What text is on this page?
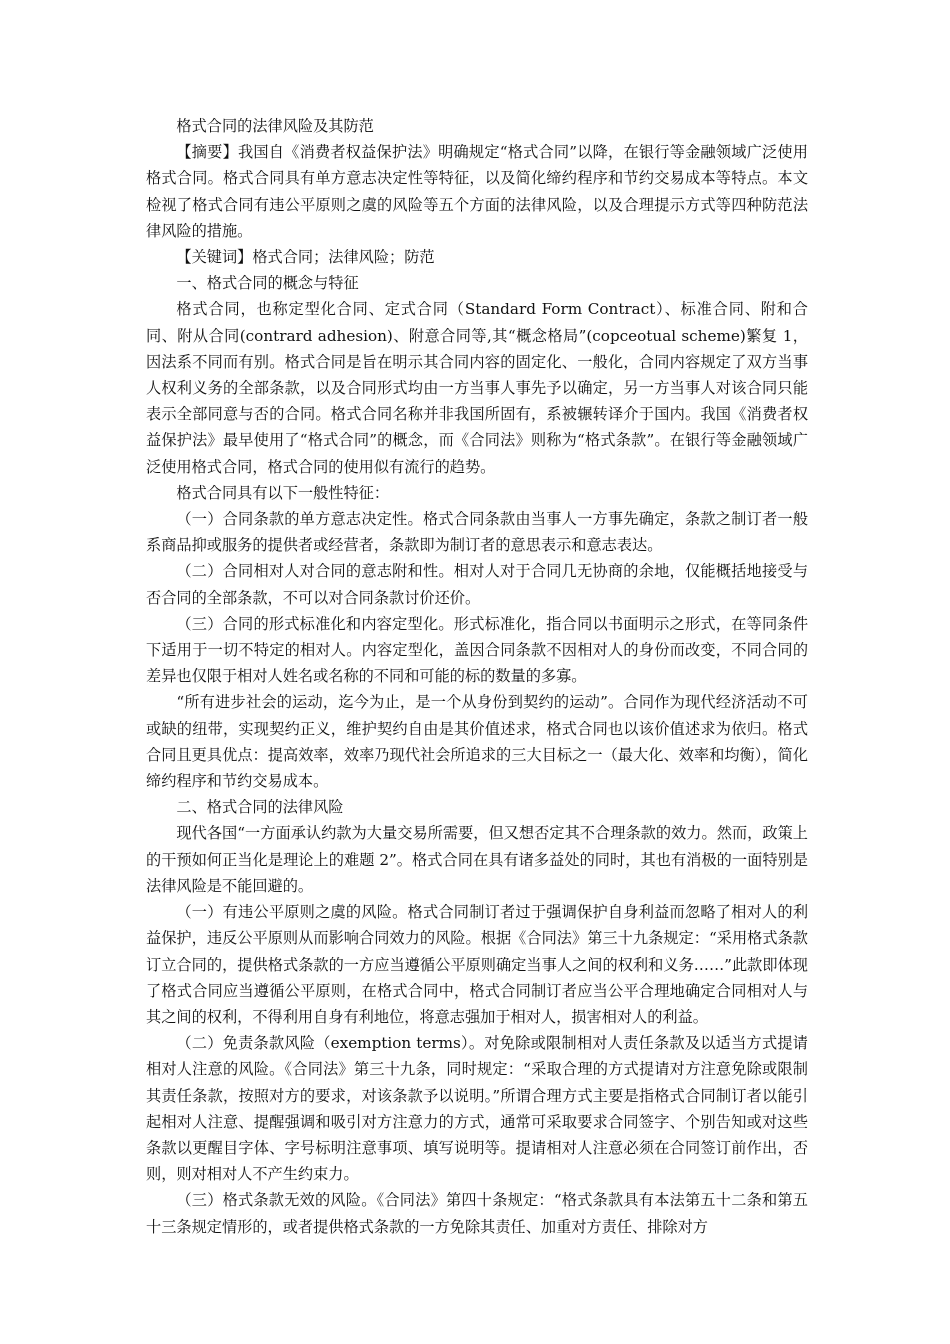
格式合同的法律风险及其防范

【摘要】我国自《消费者权益保护法》明确规定“格式合同”以降，在银行等金融领域广泛使用格式合同。格式合同具有单方意志决定性等特征，以及简化缔约程序和节约交易成本等特点。本文检视了格式合同有违公平原则之虞的风险等五个方面的法律风险，以及合理提示方式等四种防范法律风险的措施。

【关键词】格式合同；法律风险；防范

一、格式合同的概念与特征

格式合同，也称定型化合同、定式合同（Standard Form Contract）、标准合同、附和合同、附从合同(contrard adhesion)、附意合同等,其“概念格局”(copceotual scheme)繁复 1，因法系不同而有别。格式合同是旨在明示其合同内容的固定化、一般化，合同内容规定了双方当事人权利义务的全部条款，以及合同形式均由一方当事人事先予以确定，另一方当事人对该合同只能表示全部同意与否的合同。格式合同名称并非我国所固有，系被辗转译介于国内。我国《消费者权益保护法》最早使用了“格式合同”的概念，而《合同法》则称为“格式条款”。在银行等金融领域广泛使用格式合同，格式合同的使用似有流行的趋势。

格式合同具有以下一般性特征：

（一）合同条款的单方意志决定性。格式合同条款由当事人一方事先确定，条款之制订者一般系商品抑或服务的提供者或经营者，条款即为制订者的意思表示和意志表达。

（二）合同相对人对合同的意志附和性。相对人对于合同几无协商的余地，仅能概括地接受与否合同的全部条款，不可以对合同条款讨价还价。

（三）合同的形式标准化和内容定型化。形式标准化，指合同以书面明示之形式，在等同条件下适用于一切不特定的相对人。内容定型化，盖因合同条款不因相对人的身份而改变，不同合同的差异也仅限于相对人姓名或名称的不同和可能的标的数量的多寡。

“所有进步社会的运动，迄今为止，是一个从身份到契约的运动”。合同作为现代经济活动不可或缺的纽带，实现契约正义，维护契约自由是其价值述求，格式合同也以该价值述求为依归。格式合同且更具优点：提高效率，效率乃现代社会所追求的三大目标之一（最大化、效率和均衡），简化缔约程序和节约交易成本。

二、格式合同的法律风险

现代各国“一方面承认约款为大量交易所需要，但又想否定其不合理条款的效力。然而，政策上的干预如何正当化是理论上的难题 2”。格式合同在具有诸多益处的同时，其也有消极的一面特别是法律风险是不能回避的。

（一）有违公平原则之虞的风险。格式合同制订者过于强调保护自身利益而忽略了相对人的利益保护，违反公平原则从而影响合同效力的风险。根据《合同法》第三十九条规定：“采用格式条款订立合同的，提供格式条款的一方应当遵循公平原则确定当事人之间的权利和义务……”此款即体现了格式合同应当遵循公平原则，在格式合同中，格式合同制订者应当公平合理地确定合同相对人与其之间的权利，不得利用自身有利地位，将意志强加于相对人，损害相对人的利益。

（二）免责条款风险（exemption terms）。对免除或限制相对人责任条款及以适当方式提请相对人注意的风险。《合同法》第三十九条，同时规定：“采取合理的方式提请对方注意免除或限制其责任条款，按照对方的要求，对该条款予以说明。”所谓合理方式主要是指格式合同制订者以能引起相对人注意、提醒强调和吸引对方注意力的方式，通常可采取要求合同签字、个别告知或对这些条款以更醒目字体、字号标明注意事项、填写说明等。提请相对人注意必须在合同签订前作出，否则，则对相对人不产生约束力。

（三）格式条款无效的风险。《合同法》第四十条规定：“格式条款具有本法第五十二条和第五十三条规定情形的，或者提供格式条款的一方免除其责任、加重对方责任、排除对方
